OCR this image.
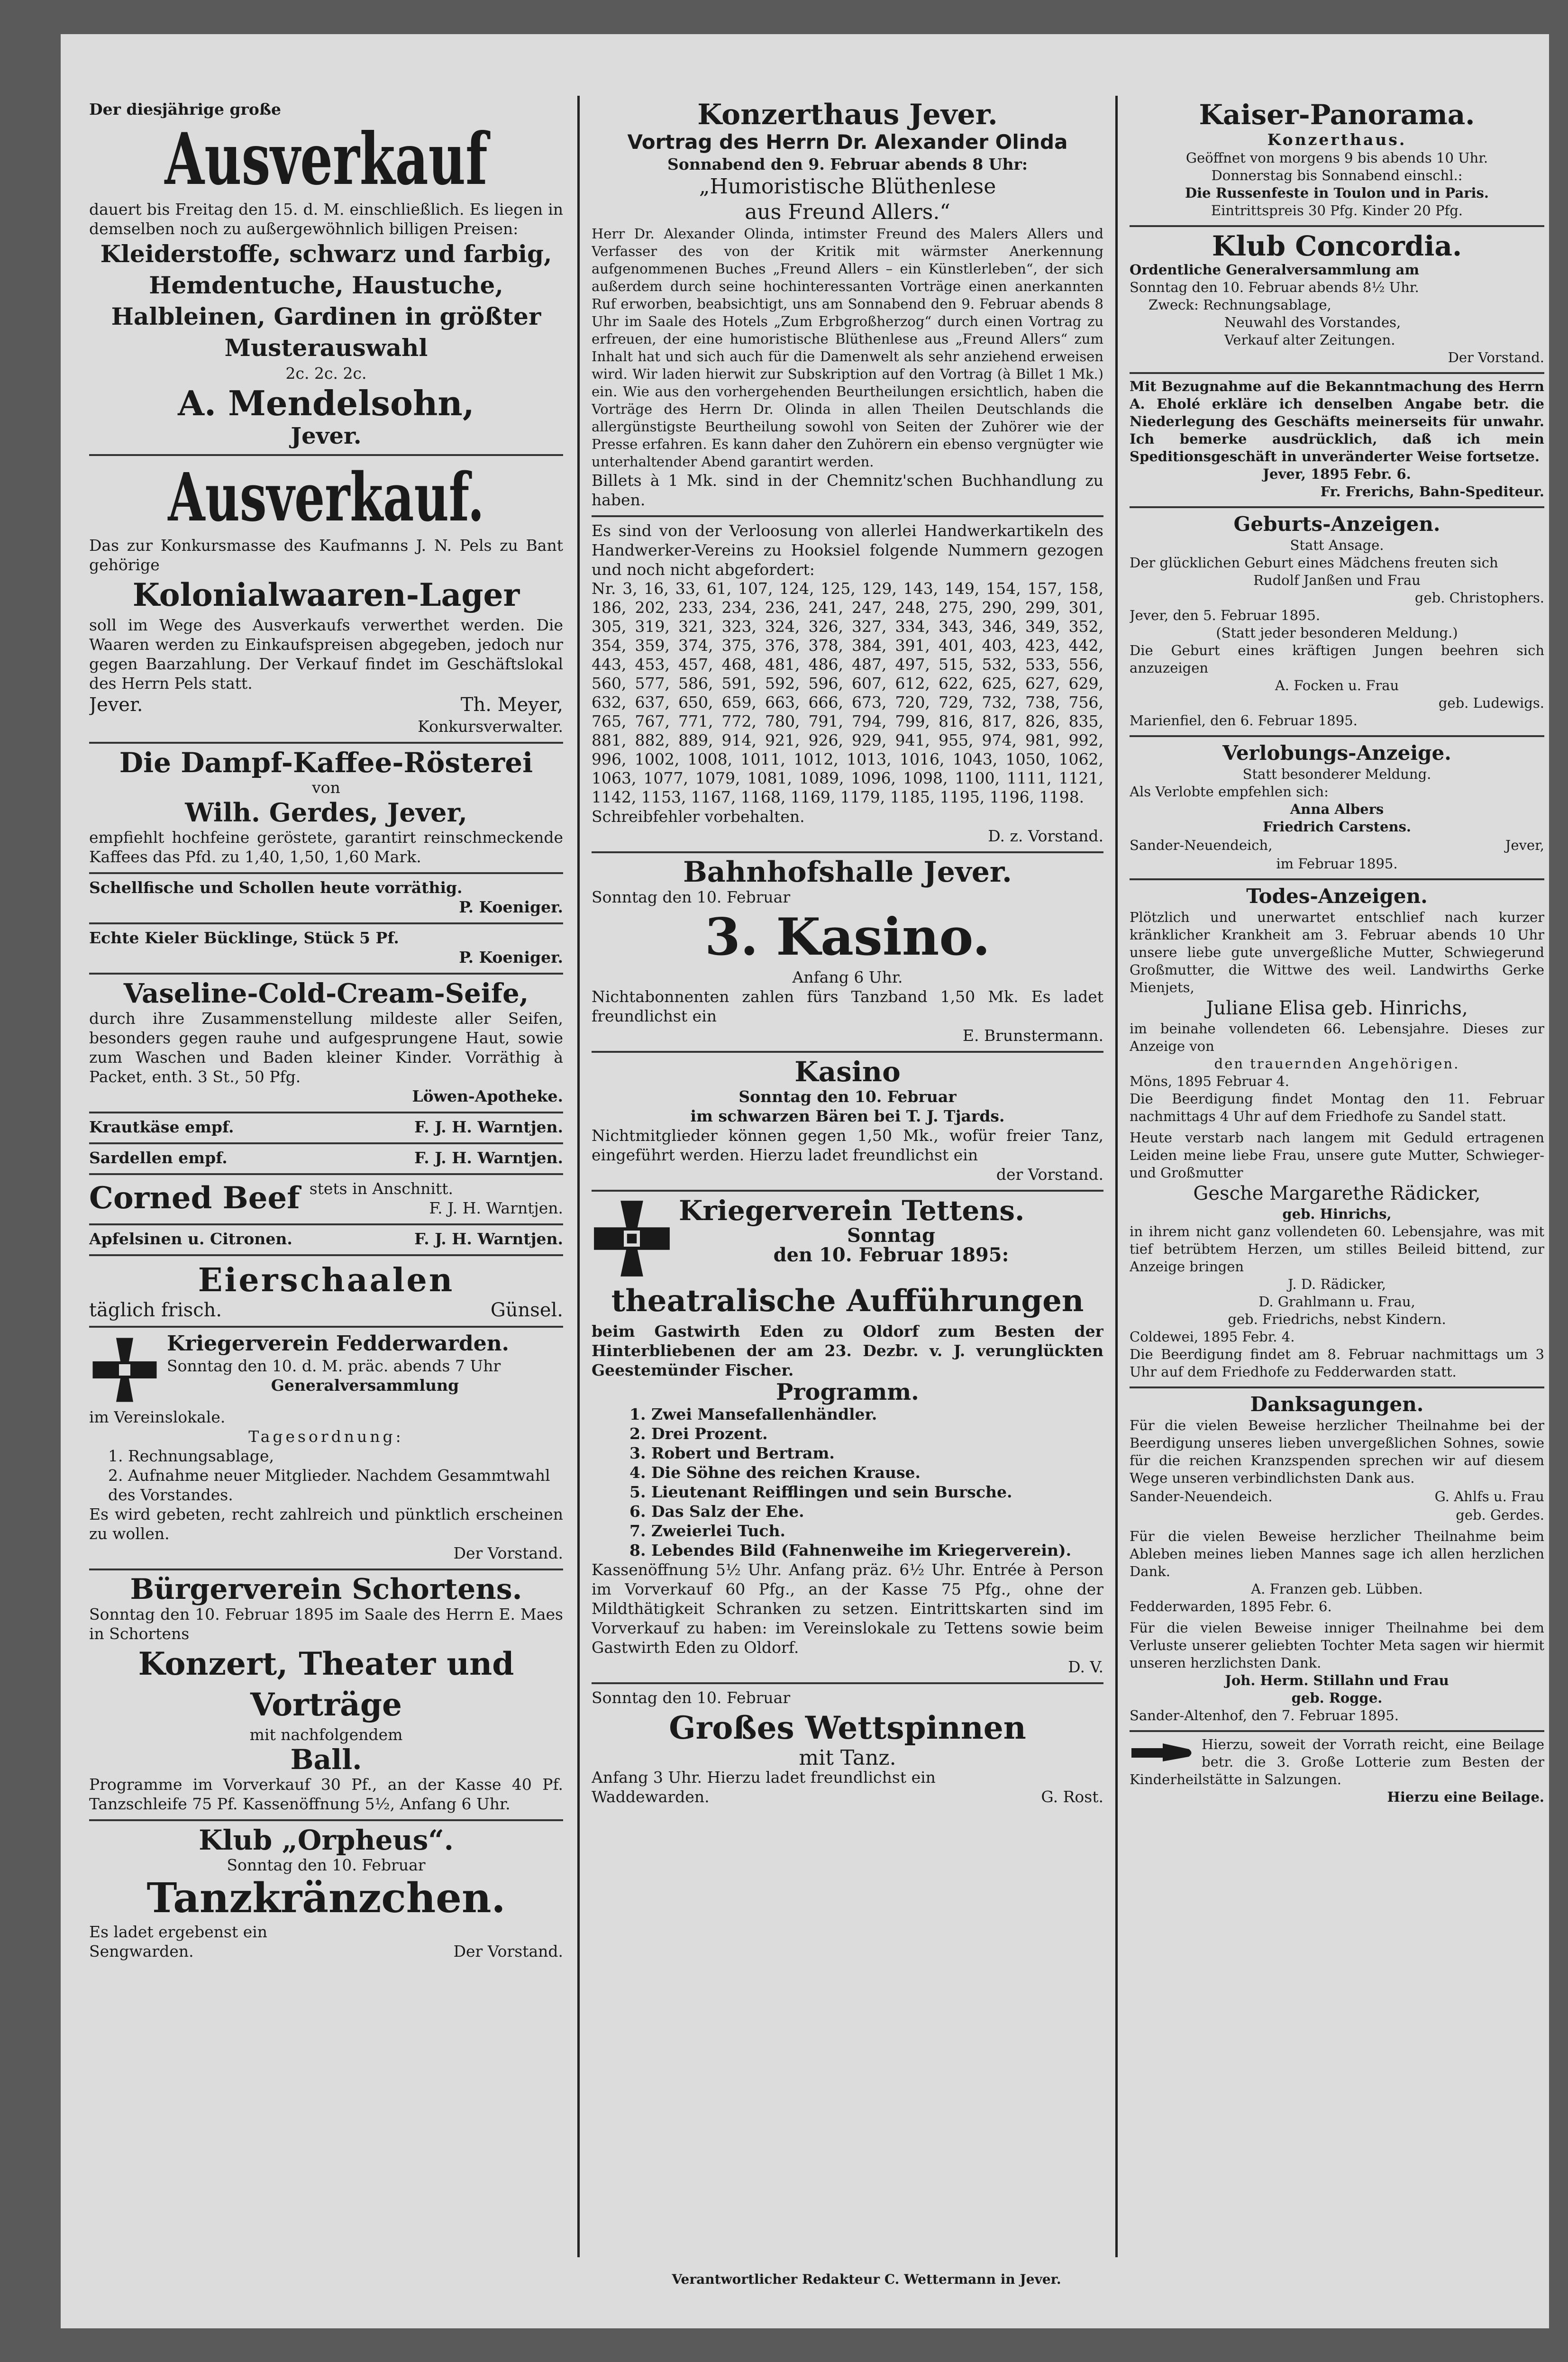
Der diesjährige große

Ausverkauf

dauert bis Freitag den 15. d. M. einschließlich. Es liegen in demselben noch zu außergewöhnlich billigen Preisen:

Kleiderstoffe, schwarz und farbig, Hemdentuche, Haustuche, Halbleinen, Gardinen in größter Musterauswahl

2c. 2c. 2c.

A. Mendelsohn,

Jever.

Ausverkauf.

Das zur Konkursmasse des Kaufmanns J. N. Pels zu Bant gehörige

Kolonialwaaren-Lager

soll im Wege des Ausverkaufs verwerthet werden. Die Waaren werden zu Einkaufspreisen abgegeben, jedoch nur gegen Baarzahlung. Der Verkauf findet im Geschäftslokal des Herrn Pels statt.

Jever.	Th. Meyer,

Konkursverwalter.

Die Dampf-Kaffee-Rösterei

von

Wilh. Gerdes, Jever,

empfiehlt hochfeine geröstete, garantirt reinschmeckende Kaffees das Pfd. zu 1,40, 1,50, 1,60 Mark.

Schellfische und Schollen heute vorräthig.

P. Koeniger.

Echte Kieler Bücklinge, Stück 5 Pf.

P. Koeniger.

Vaseline-Cold-Cream-Seife,

durch ihre Zusammenstellung mildeste aller Seifen, besonders gegen rauhe und aufgesprungene Haut, sowie zum Waschen und Baden kleiner Kinder. Vorräthig à Packet, enth. 3 St., 50 Pfg.

Löwen-Apotheke.

Krautkäse empf.	F. J. H. Warntjen.
Sardellen empf.	F. J. H. Warntjen.
Corned Beef stets in Anschnitt.

F. J. H. Warntjen.

Apfelsinen u. Citronen.	F. J. H. Warntjen.

Eierschaalen

täglich frisch.	Günsel.

Kriegerverein Fedderwarden.

Sonntag den 10. d. M. präc. abends 7 Uhr

Generalversammlung

im Vereinslokale.

Tagesordnung:

1. Rechnungsablage,

2. Aufnahme neuer Mitglieder. Nachdem Gesammtwahl des Vorstandes.

Es wird gebeten, recht zahlreich und pünktlich erscheinen zu wollen.

Der Vorstand.

Bürgerverein Schortens.

Sonntag den 10. Februar 1895 im Saale des Herrn E. Maes in Schortens

Konzert, Theater und

Vorträge

mit nachfolgendem

Ball.

Programme im Vorverkauf 30 Pf., an der Kasse 40 Pf. Tanzschleife 75 Pf. Kassenöffnung 5½, Anfang 6 Uhr.

Klub „Orpheus“.

Sonntag den 10. Februar

Tanzkränzchen.

Es ladet ergebenst ein

Sengwarden.	Der Vorstand.

Konzerthaus Jever.

Vortrag des Herrn Dr. Alexander Olinda

Sonnabend den 9. Februar abends 8 Uhr:

„Humoristische Blüthenlese

aus Freund Allers.“

Herr Dr. Alexander Olinda, intimster Freund des Malers Allers und Verfasser des von der Kritik mit wärmster Anerkennung aufgenommenen Buches „Freund Allers – ein Künstlerleben“, der sich außerdem durch seine hochinteressanten Vorträge einen anerkannten Ruf erworben, beabsichtigt, uns am Sonnabend den 9. Februar abends 8 Uhr im Saale des Hotels „Zum Erbgroßherzog“ durch einen Vortrag zu erfreuen, der eine humoristische Blüthenlese aus „Freund Allers“ zum Inhalt hat und sich auch für die Damenwelt als sehr anziehend erweisen wird. Wir laden hierwit zur Subskription auf den Vortrag (à Billet 1 Mk.) ein. Wie aus den vorhergehenden Beurtheilungen ersichtlich, haben die Vorträge des Herrn Dr. Olinda in allen Theilen Deutschlands die allergünstigste Beurtheilung sowohl von Seiten der Zuhörer wie der Presse erfahren. Es kann daher den Zuhörern ein ebenso vergnügter wie unterhaltender Abend garantirt werden.

Billets à 1 Mk. sind in der Chemnitz'schen Buchhandlung zu haben.

Es sind von der Verloosung von allerlei Handwerkartikeln des Handwerker-Vereins zu Hooksiel folgende Nummern gezogen und noch nicht abgefordert:

Nr. 3, 16, 33, 61, 107, 124, 125, 129, 143, 149, 154, 157, 158, 186, 202, 233, 234, 236, 241, 247, 248, 275, 290, 299, 301, 305, 319, 321, 323, 324, 326, 327, 334, 343, 346, 349, 352, 354, 359, 374, 375, 376, 378, 384, 391, 401, 403, 423, 442, 443, 453, 457, 468, 481, 486, 487, 497, 515, 532, 533, 556, 560, 577, 586, 591, 592, 596, 607, 612, 622, 625, 627, 629, 632, 637, 650, 659, 663, 666, 673, 720, 729, 732, 738, 756, 765, 767, 771, 772, 780, 791, 794, 799, 816, 817, 826, 835, 881, 882, 889, 914, 921, 926, 929, 941, 955, 974, 981, 992, 996, 1002, 1008, 1011, 1012, 1013, 1016, 1043, 1050, 1062, 1063, 1077, 1079, 1081, 1089, 1096, 1098, 1100, 1111, 1121, 1142, 1153, 1167, 1168, 1169, 1179, 1185, 1195, 1196, 1198.

Schreibfehler vorbehalten.

D. z. Vorstand.

Bahnhofshalle Jever.

Sonntag den 10. Februar

3. Kasino.

Anfang 6 Uhr.

Nichtabonnenten zahlen fürs Tanzband 1,50 Mk. Es ladet freundlichst ein

E. Brunstermann.

Kasino

Sonntag den 10. Februar

im schwarzen Bären bei T. J. Tjards.

Nichtmitglieder können gegen 1,50 Mk., wofür freier Tanz, eingeführt werden. Hierzu ladet freundlichst ein

der Vorstand.

Kriegerverein Tettens.

Sonntag

den 10. Februar 1895:

theatralische Aufführungen

beim Gastwirth Eden zu Oldorf zum Besten der Hinterbliebenen der am 23. Dezbr. v. J. verunglückten Geestemünder Fischer.

Programm.

1. Zwei Mansefallenhändler.

2. Drei Prozent.

3. Robert und Bertram.

4. Die Söhne des reichen Krause.

5. Lieutenant Reifflingen und sein Bursche.

6. Das Salz der Ehe.

7. Zweierlei Tuch.

8. Lebendes Bild (Fahnenweihe im Kriegerverein).

Kassenöffnung 5½ Uhr. Anfang präz. 6½ Uhr. Entrée à Person im Vorverkauf 60 Pfg., an der Kasse 75 Pfg., ohne der Mildthätigkeit Schranken zu setzen. Eintrittskarten sind im Vorverkauf zu haben: im Vereinslokale zu Tettens sowie beim Gastwirth Eden zu Oldorf.

D. V.

Sonntag den 10. Februar

Großes Wettspinnen

mit Tanz.

Anfang 3 Uhr. Hierzu ladet freundlichst ein

Waddewarden.	G. Rost.

Kaiser-Panorama.

Konzerthaus.

Geöffnet von morgens 9 bis abends 10 Uhr.

Donnerstag bis Sonnabend einschl.:

Die Russenfeste in Toulon und in Paris.

Eintrittspreis 30 Pfg. Kinder 20 Pfg.

Klub Concordia.

Ordentliche Generalversammlung am

Sonntag den 10. Februar abends 8½ Uhr.

Zweck: Rechnungsablage,

Neuwahl des Vorstandes,

Verkauf alter Zeitungen.

Der Vorstand.

Mit Bezugnahme auf die Bekanntmachung des Herrn A. Eholé erkläre ich denselben Angabe betr. die Niederlegung des Geschäfts meinerseits für unwahr. Ich bemerke ausdrücklich, daß ich mein Speditionsgeschäft in unveränderter Weise fortsetze.

Jever, 1895 Febr. 6.

Fr. Frerichs, Bahn-Spediteur.

Geburts-Anzeigen.

Statt Ansage.

Der glücklichen Geburt eines Mädchens freuten sich

Rudolf Janßen und Frau

geb. Christophers.

Jever, den 5. Februar 1895.

(Statt jeder besonderen Meldung.)

Die Geburt eines kräftigen Jungen beehren sich anzuzeigen

A. Focken u. Frau

geb. Ludewigs.

Marienfiel, den 6. Februar 1895.

Verlobungs-Anzeige.

Statt besonderer Meldung.

Als Verlobte empfehlen sich:

Anna Albers

Friedrich Carstens.

Sander-Neuendeich,	Jever,

im Februar 1895.

Todes-Anzeigen.

Plötzlich und unerwartet entschlief nach kurzer kränklicher Krankheit am 3. Februar abends 10 Uhr unsere liebe gute unvergeßliche Mutter, Schwiegerund Großmutter, die Wittwe des weil. Landwirths Gerke Mienjets,

Juliane Elisa geb. Hinrichs,

im beinahe vollendeten 66. Lebensjahre. Dieses zur Anzeige von

den trauernden Angehörigen.

Möns, 1895 Februar 4.

Die Beerdigung findet Montag den 11. Februar nachmittags 4 Uhr auf dem Friedhofe zu Sandel statt.

Heute verstarb nach langem mit Geduld ertragenen Leiden meine liebe Frau, unsere gute Mutter, Schwieger- und Großmutter

Gesche Margarethe Rädicker,

geb. Hinrichs,

in ihrem nicht ganz vollendeten 60. Lebensjahre, was mit tief betrübtem Herzen, um stilles Beileid bittend, zur Anzeige bringen

J. D. Rädicker,

D. Grahlmann u. Frau,

geb. Friedrichs, nebst Kindern.

Coldewei, 1895 Febr. 4.

Die Beerdigung findet am 8. Februar nachmittags um 3 Uhr auf dem Friedhofe zu Fedderwarden statt.

Danksagungen.

Für die vielen Beweise herzlicher Theilnahme bei der Beerdigung unseres lieben unvergeßlichen Sohnes, sowie für die reichen Kranzspenden sprechen wir auf diesem Wege unseren verbindlichsten Dank aus.

Sander-Neuendeich.	G. Ahlfs u. Frau

geb. Gerdes.

Für die vielen Beweise herzlicher Theilnahme beim Ableben meines lieben Mannes sage ich allen herzlichen Dank.

A. Franzen geb. Lübben.

Fedderwarden, 1895 Febr. 6.

Für die vielen Beweise inniger Theilnahme bei dem Verluste unserer geliebten Tochter Meta sagen wir hiermit unseren herzlichsten Dank.

Joh. Herm. Stillahn und Frau

geb. Rogge.

Sander-Altenhof, den 7. Februar 1895.

Hierzu, soweit der Vorrath reicht, eine Beilage betr. die 3. Große Lotterie zum Besten der Kinderheilstätte in Salzungen.

Hierzu eine Beilage.

Verantwortlicher Redakteur C. Wettermann in Jever.
